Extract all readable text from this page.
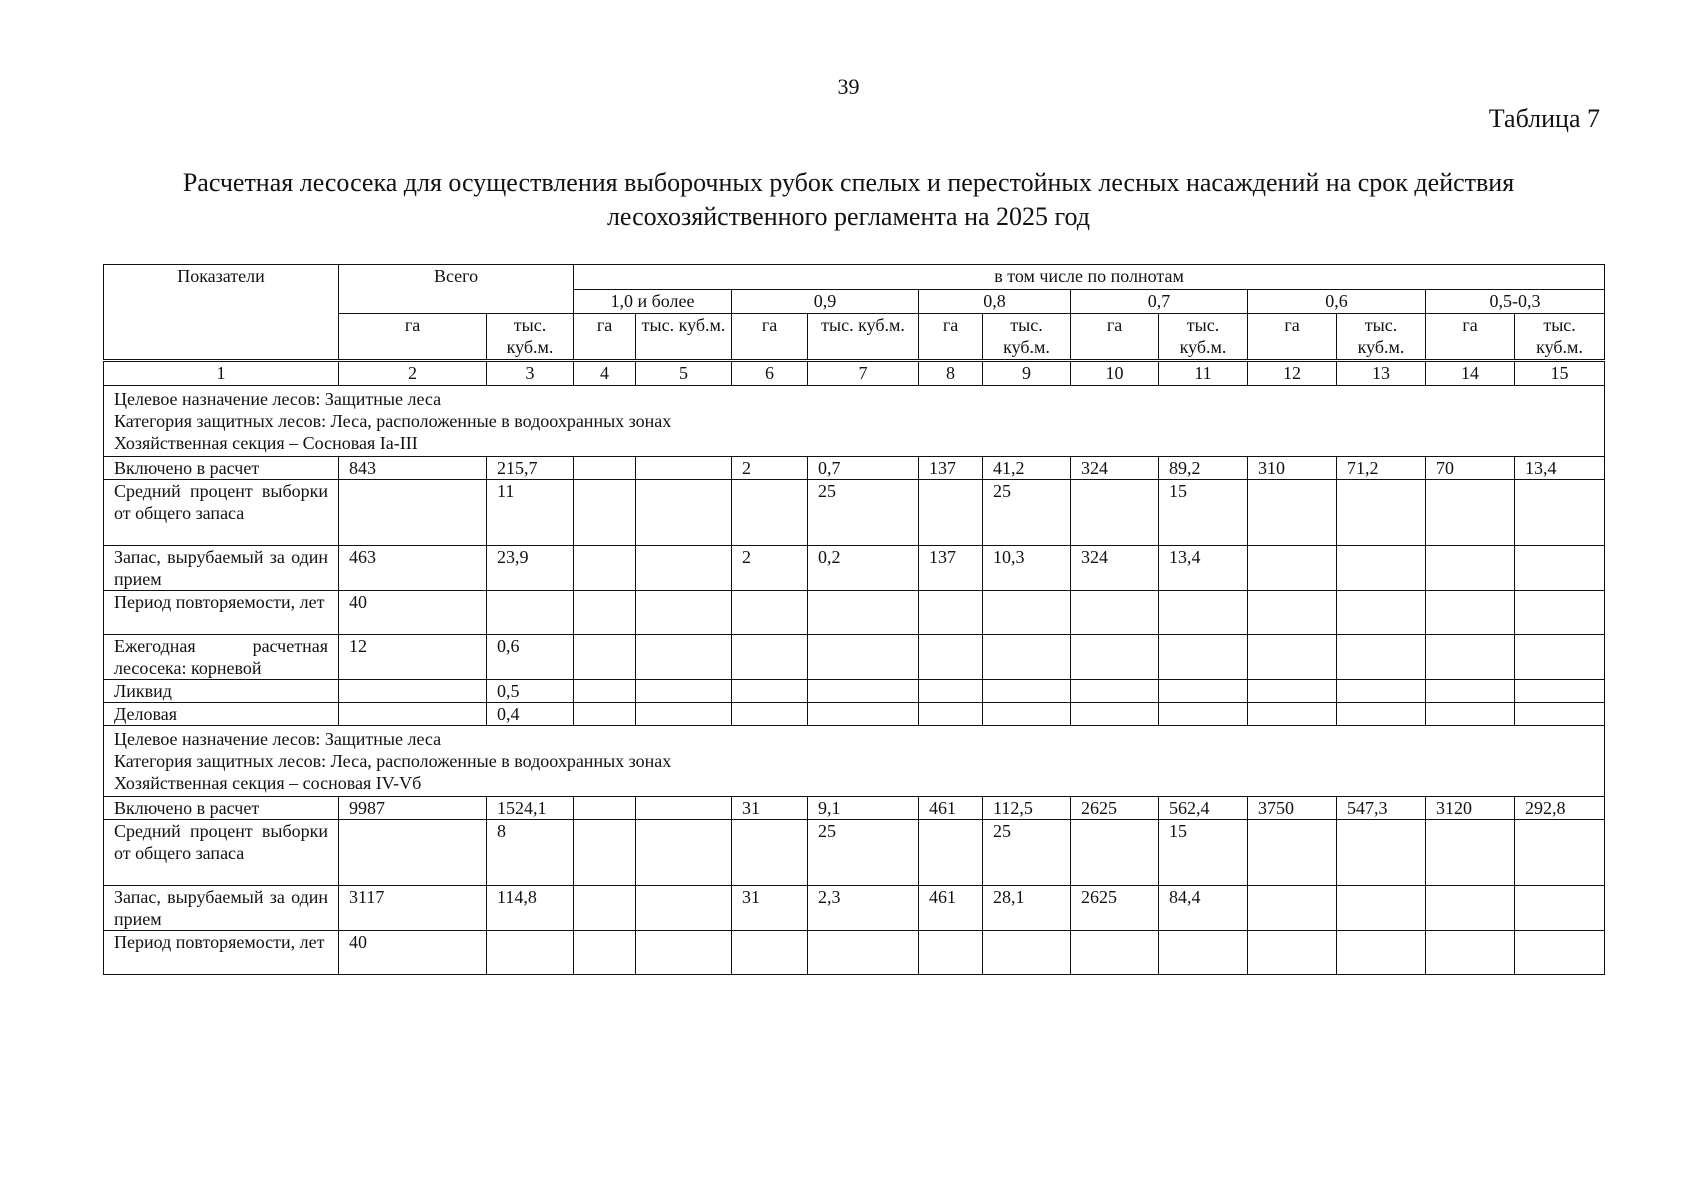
39
Таблица 7
Расчетная лесосека для осуществления выборочных рубок спелых и перестойных лесных насаждений на срок действия
лесохозяйственного регламента на 2025 год
Показатели	Всего		в том числе по полнотам											
			1,0 и более		0,9		0,8		0,7		0,6		0,5-0,3	
	га	тыс. куб.м.	га	тыс. куб.м.	га	тыс. куб.м.	га	тыс. куб.м.	га	тыс. куб.м.	га	тыс. куб.м.	га	тыс. куб.м.
1	2	3	4	5	6	7	8	9	10	11	12	13	14	15

Целевое назначение лесов: Защитные леса
Категория защитных лесов: Леса, расположенные в водоохранных зонах
Хозяйственная секция – Сосновая Ia-III														

Включено в расчет	843	215,7			2	0,7	137	41,2	324	89,2	310	71,2	70	13,4
Средний процент выборки от общего запаса		11				25		25		15				
Запас, вырубаемый за один прием	463	23,9			2	0,2	137	10,3	324	13,4				
Период повторяемости, лет	40													
Ежегодная расчетная лесосека: корневой	12	0,6												
Ликвид		0,5												
Деловая		0,4												

Целевое назначение лесов: Защитные леса
Категория защитных лесов: Леса, расположенные в водоохранных зонах
Хозяйственная секция – сосновая IV-Vб														

Включено в расчет	9987	1524,1			31	9,1	461	112,5	2625	562,4	3750	547,3	3120	292,8
Средний процент выборки от общего запаса		8				25		25		15				
Запас, вырубаемый за один прием	3117	114,8			31	2,3	461	28,1	2625	84,4				
Период повторяемости, лет	40													
